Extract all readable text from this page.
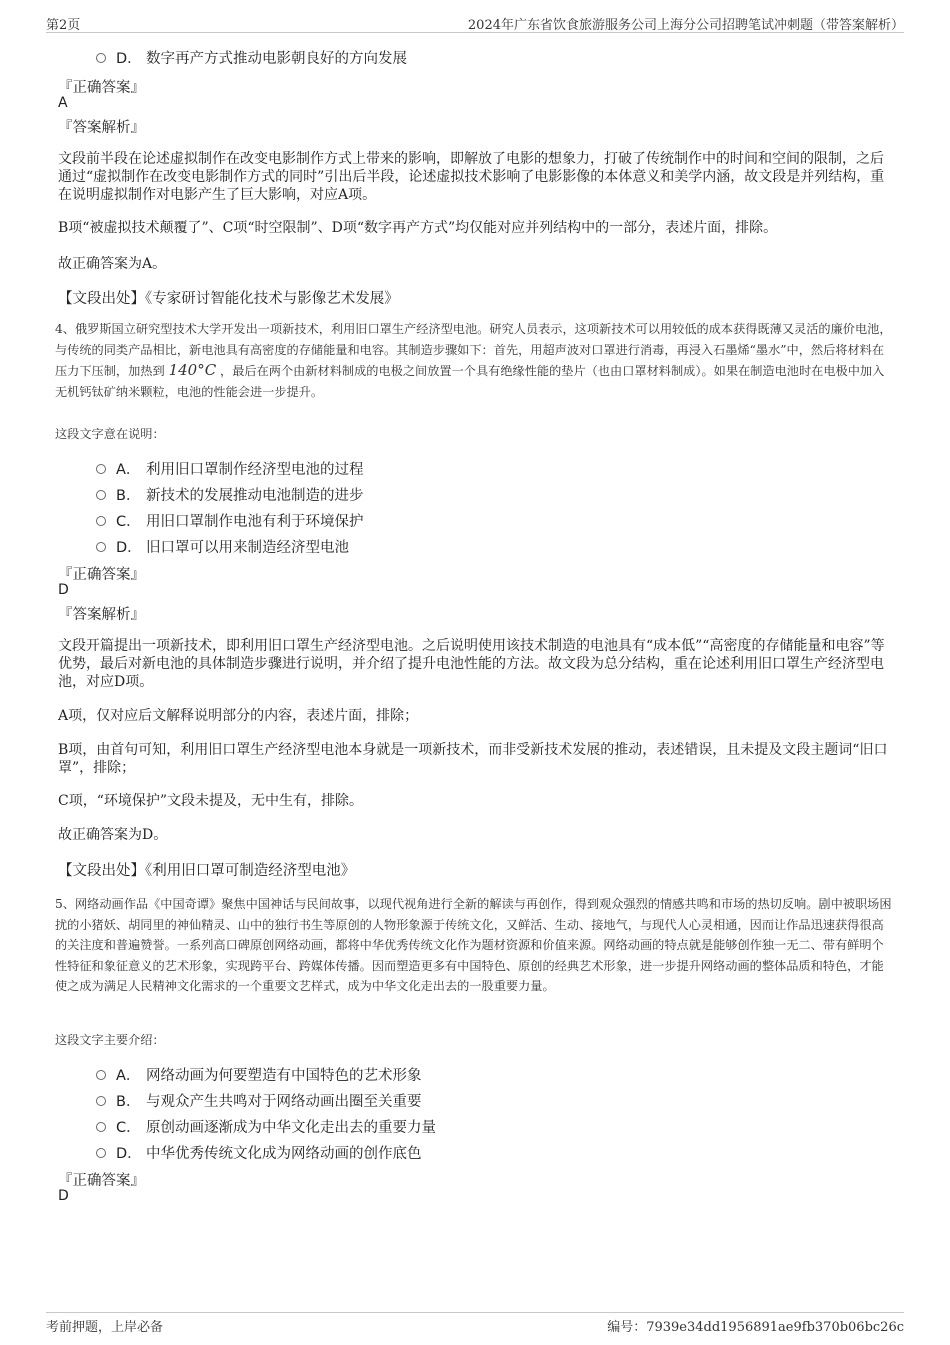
第2页	2024年广东省饮食旅游服务公司上海分公司招聘笔试冲刺题（带答案解析）
D． 数字再产方式推动电影朝良好的方向发展
『正确答案』
A
『答案解析』
文段前半段在论述虚拟制作在改变电影制作方式上带来的影响，即解放了电影的想象力，打破了传统制作中的时间和空间的限制，之后通过“虚拟制作在改变电影制作方式的同时”引出后半段，论述虚拟技术影响了电影影像的本体意义和美学内涵，故文段是并列结构，重在说明虚拟制作对电影产生了巨大影响，对应A项。
B项“被虚拟技术颠覆了”、C项“时空限制”、D项“数字再产方式”均仅能对应并列结构中的一部分，表述片面，排除。
故正确答案为A。
【文段出处】《专家研讨智能化技术与影像艺术发展》
4、俄罗斯国立研究型技术大学开发出一项新技术，利用旧口罩生产经济型电池。研究人员表示，这项新技术可以用较低的成本获得既薄又灵活的廉价电池，与传统的同类产品相比，新电池具有高密度的存储能量和电容。其制造步骤如下：首先，用超声波对口罩进行消毒，再浸入石墨烯“墨水”中，然后将材料在压力下压制，加热到 140°C ，最后在两个由新材料制成的电极之间放置一个具有绝缘性能的垫片（也由口罩材料制成）。如果在制造电池时在电极中加入无机钙钛矿纳米颗粒，电池的性能会进一步提升。
这段文字意在说明：
A． 利用旧口罩制作经济型电池的过程
B． 新技术的发展推动电池制造的进步
C． 用旧口罩制作电池有利于环境保护
D． 旧口罩可以用来制造经济型电池
『正确答案』
D
『答案解析』
文段开篇提出一项新技术，即利用旧口罩生产经济型电池。之后说明使用该技术制造的电池具有“成本低”“高密度的存储能量和电容”等优势，最后对新电池的具体制造步骤进行说明，并介绍了提升电池性能的方法。故文段为总分结构，重在论述利用旧口罩生产经济型电池，对应D项。
A项，仅对应后文解释说明部分的内容，表述片面，排除；
B项，由首句可知，利用旧口罩生产经济型电池本身就是一项新技术，而非受新技术发展的推动，表述错误，且未提及文段主题词“旧口罩”，排除；
C项，“环境保护”文段未提及，无中生有，排除。
故正确答案为D。
【文段出处】《利用旧口罩可制造经济型电池》
5、网络动画作品《中国奇谭》聚焦中国神话与民间故事，以现代视角进行全新的解读与再创作，得到观众强烈的情感共鸣和市场的热切反响。剧中被职场困扰的小猪妖、胡同里的神仙精灵、山中的独行书生等原创的人物形象源于传统文化，又鲜活、生动、接地气，与现代人心灵相通，因而让作品迅速获得很高的关注度和普遍赞誉。一系列高口碑原创网络动画，都将中华优秀传统文化作为题材资源和价值来源。网络动画的特点就是能够创作独一无二、带有鲜明个性特征和象征意义的艺术形象，实现跨平台、跨媒体传播。因而塑造更多有中国特色、原创的经典艺术形象，进一步提升网络动画的整体品质和特色，才能使之成为满足人民精神文化需求的一个重要文艺样式，成为中华文化走出去的一股重要力量。
这段文字主要介绍：
A． 网络动画为何要塑造有中国特色的艺术形象
B． 与观众产生共鸣对于网络动画出圈至关重要
C． 原创动画逐渐成为中华文化走出去的重要力量
D． 中华优秀传统文化成为网络动画的创作底色
『正确答案』
D
考前押题，上岸必备	编号：7939e34dd1956891ae9fb370b06bc26c
